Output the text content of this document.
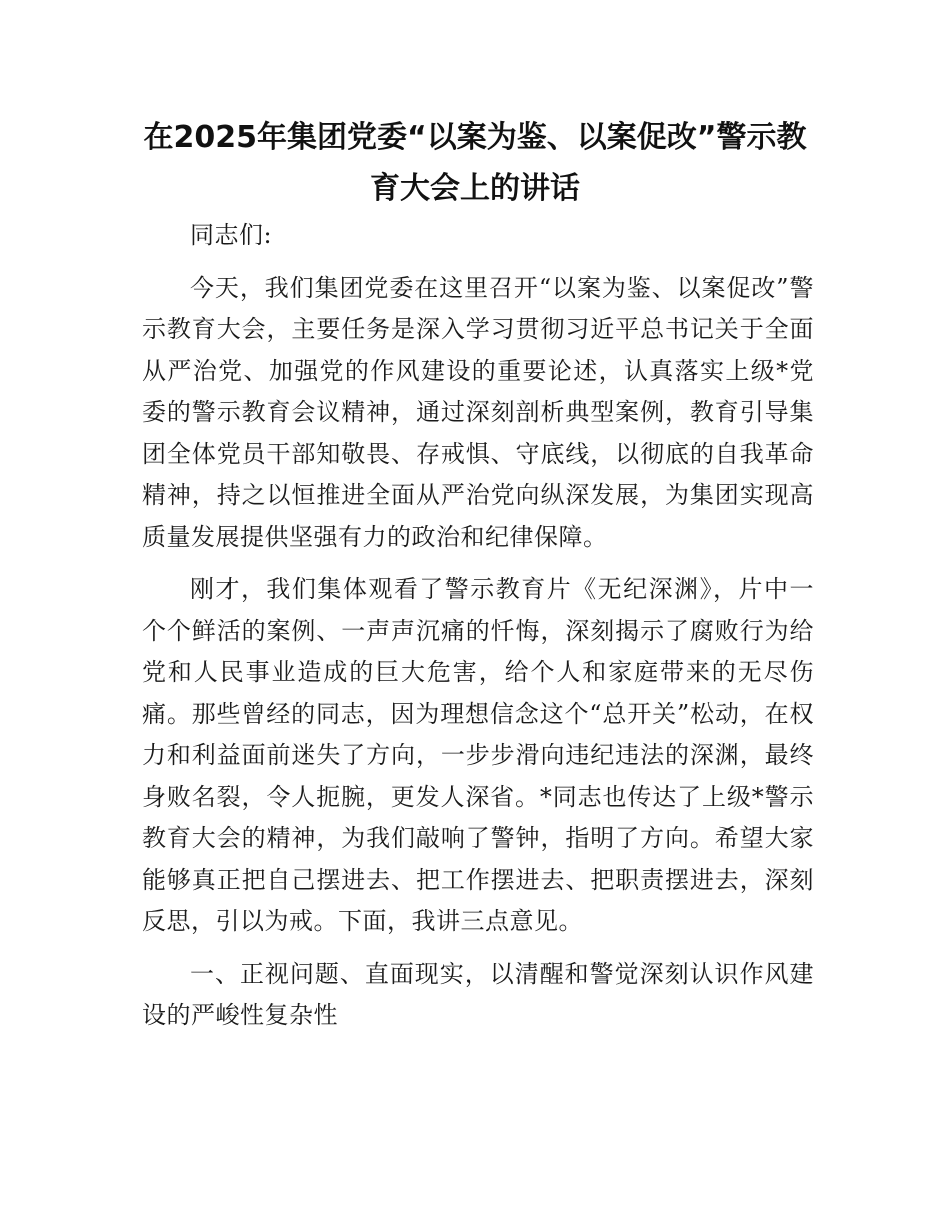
在2025年集团党委“以案为鉴、以案促改”警示教育大会上的讲话

同志们:

今天，我们集团党委在这里召开“以案为鉴、以案促改”警示教育大会，主要任务是深入学习贯彻习近平总书记关于全面从严治党、加强党的作风建设的重要论述，认真落实上级*党委的警示教育会议精神，通过深刻剖析典型案例，教育引导集团全体党员干部知敬畏、存戒惧、守底线，以彻底的自我革命精神，持之以恒推进全面从严治党向纵深发展，为集团实现高质量发展提供坚强有力的政治和纪律保障。

刚才，我们集体观看了警示教育片《无纪深渊》，片中一个个鲜活的案例、一声声沉痛的忏悔，深刻揭示了腐败行为给党和人民事业造成的巨大危害，给个人和家庭带来的无尽伤痛。那些曾经的同志，因为理想信念这个“总开关”松动，在权力和利益面前迷失了方向，一步步滑向违纪违法的深渊，最终身败名裂，令人扼腕，更发人深省。*同志也传达了上级*警示教育大会的精神，为我们敲响了警钟，指明了方向。希望大家能够真正把自己摆进去、把工作摆进去、把职责摆进去，深刻反思，引以为戒。下面，我讲三点意见。

一、正视问题、直面现实，以清醒和警觉深刻认识作风建设的严峻性复杂性
